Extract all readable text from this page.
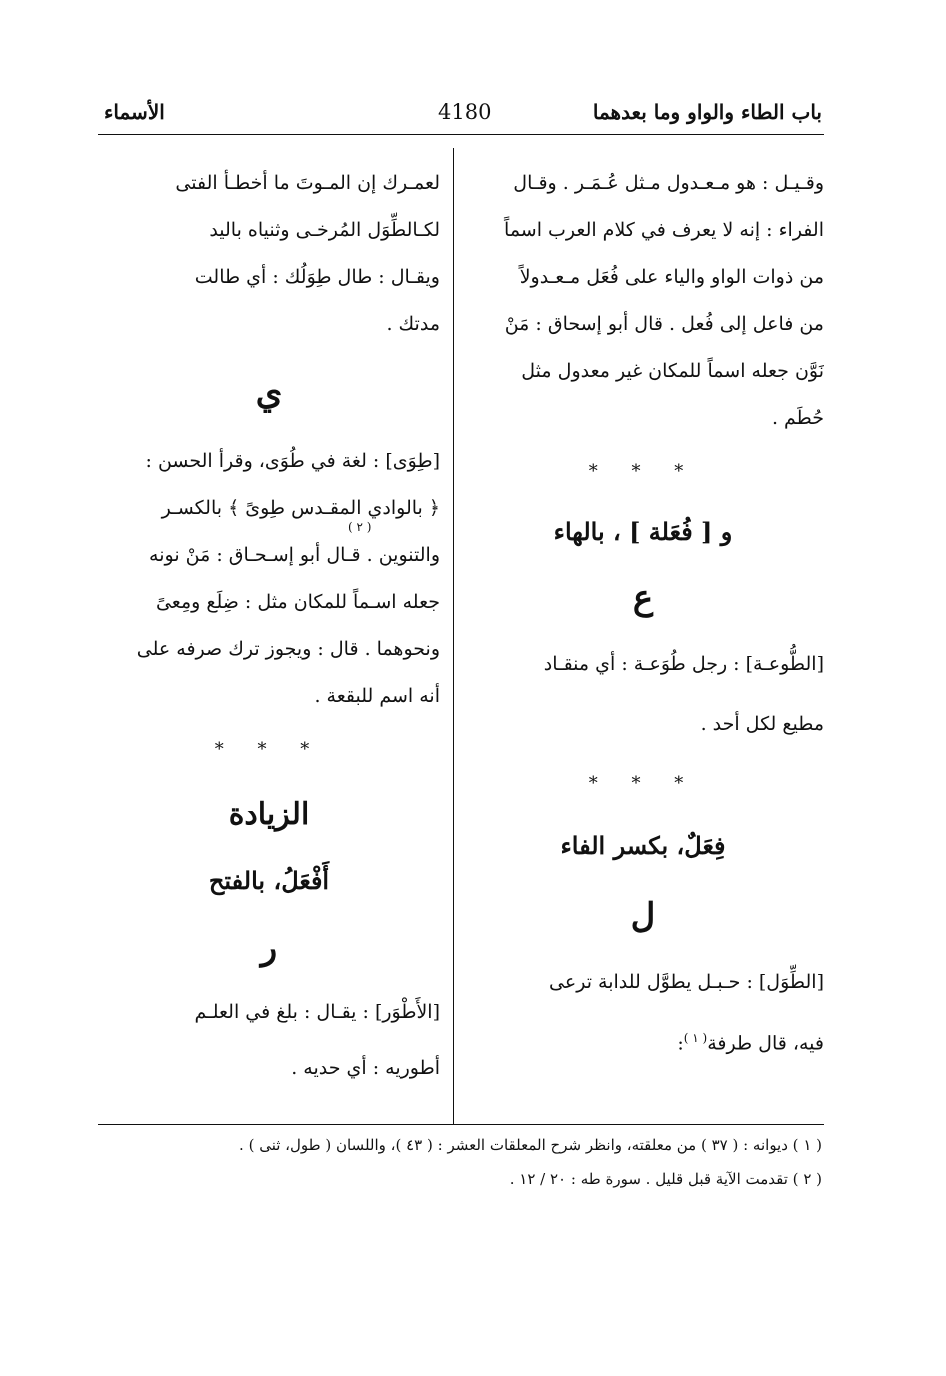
باب الطاء والواو وما بعدهما
4180
الأسماء
وقـيـل : هو مـعـدول مـثل عُـمَـر . وقـال
الفراء : إنه لا يعرف في كلام العرب اسماً
من ذوات الواو والياء على فُعَل مـعـدولاً
من فاعل إلى فُعل . قال أبو إسحاق : مَنْ
نَوَّن جعله اسماً للمكان غير معدول مثل
حُطَم .
* * *
و [ فُعَلة ] ، بالهاء
ع
[الطُّوعـة] : رجل طُوَعـة : أي منقـاد
مطيع لكل أحد .
* * *
فِعَلٌ، بكسر الفاء
ل
[الطِّوَل] : حـبـل يطوَّل للدابة ترعى
فيه، قال طرفة$^{( ١ )}$:
لعمـرك إن المـوتَ ما أخطـأ الفتى
لكـالطِّوَل المُرخـى وثنياه باليد
ويقـال : طال طِوَلُك : أي طالت
مدتك .
ي
[طِوَى] : لغة في طُوَى، وقرأ الحسن :
﴿ بالوادي المقـدس طِوىً ﴾ بالكسـر
والتنوين . قـال أبو إسـحـاق : مَنْ نونه
جعله اسـماً للمكان مثل : ضِلَع ومِعىً
ونحوهما . قال : ويجوز ترك صرفه على
أنه اسم للبقعة .
( ٢ )
* * *
الزيادة
أَفْعَلُ، بالفتح
ر
[الأَطْوَر] : يقـال : بلغ في العلـم
أطوريه : أي حديه .
( ١ ) ديوانه : ( ٣٧ ) من معلقته، وانظر شرح المعلقات العشر : ( ٤٣ )، واللسان ( طول، ثنى ) .
( ٢ ) تقدمت الآية قبل قليل . سورة طه : ٢٠ / ١٢ .
